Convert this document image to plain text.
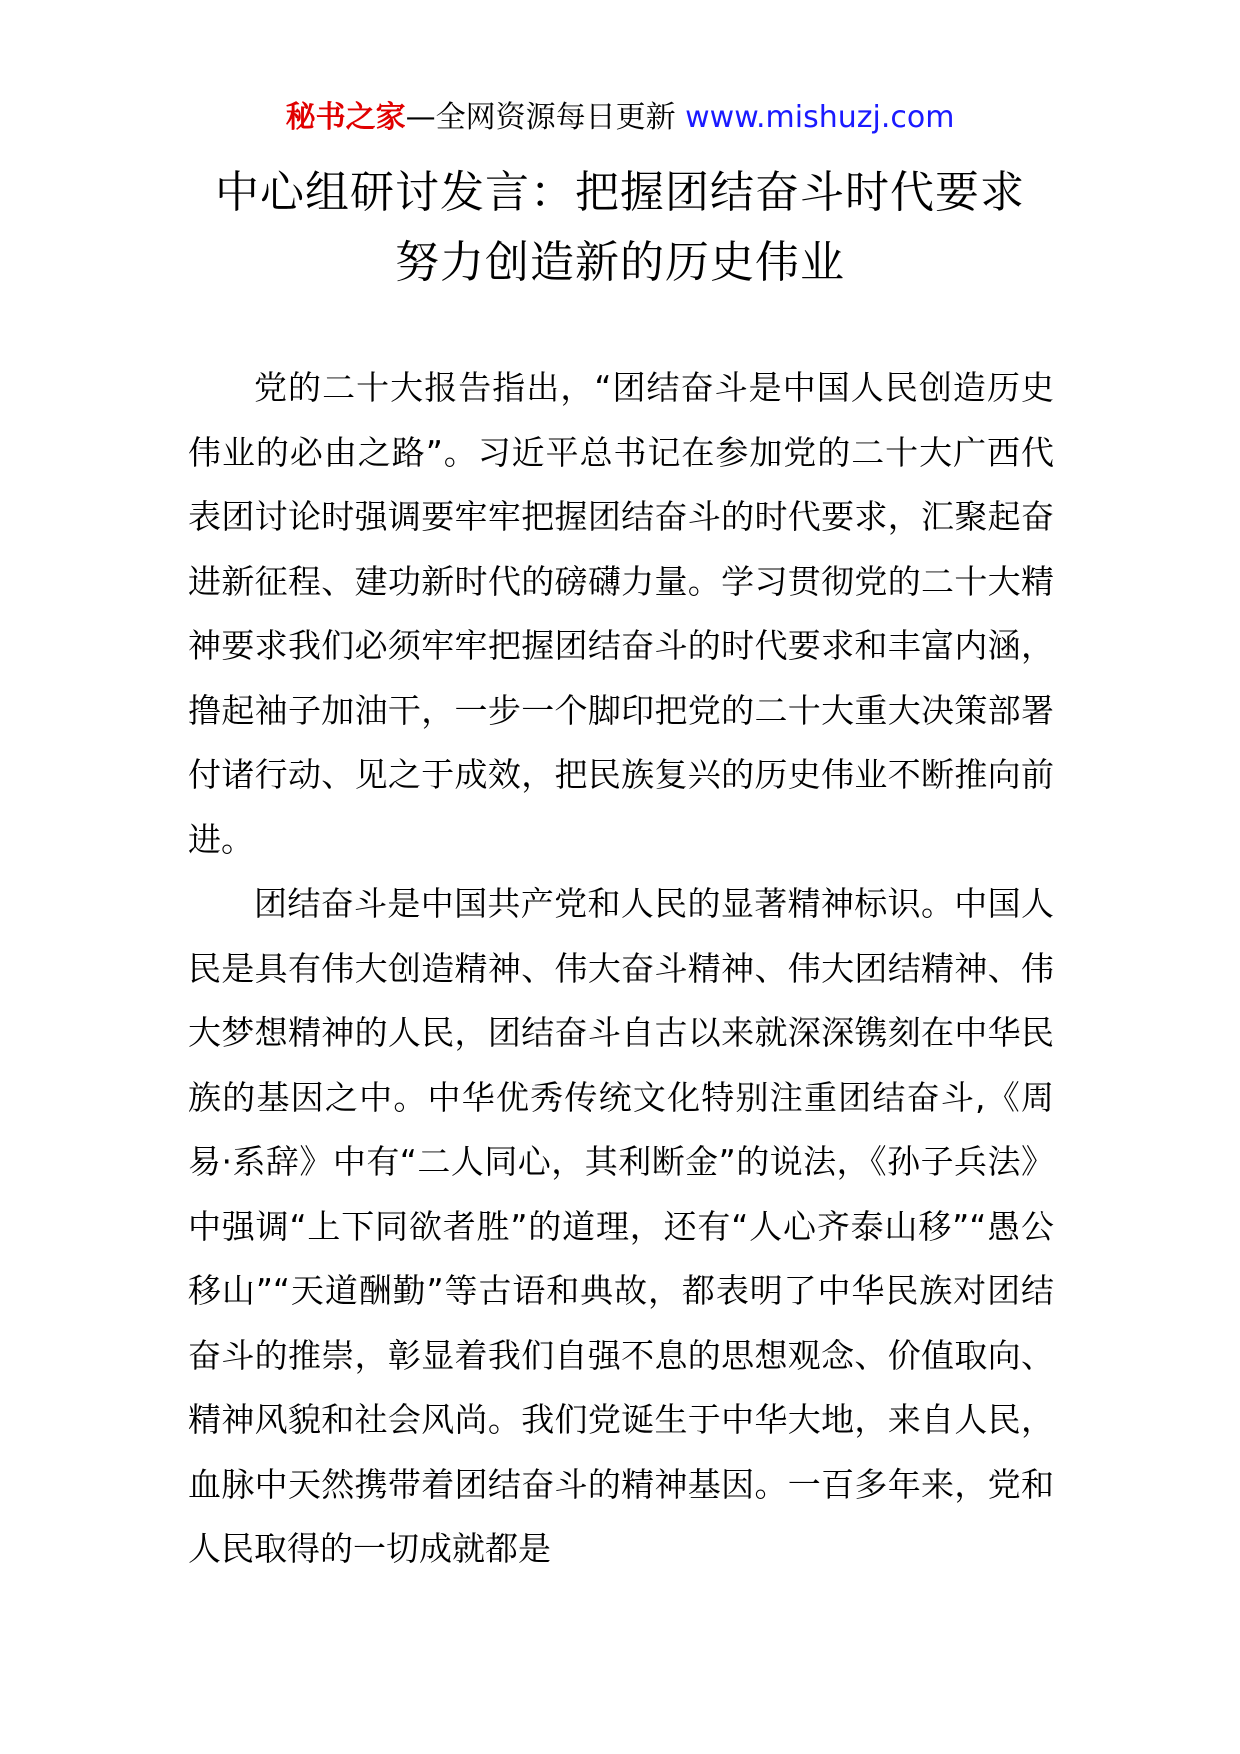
秘书之家—全网资源每日更新 www.mishuzj.com
中心组研讨发言：把握团结奋斗时代要求
努力创造新的历史伟业

党的二十大报告指出，“团结奋斗是中国人民创造历史伟业的必由之路”。习近平总书记在参加党的二十大广西代表团讨论时强调要牢牢把握团结奋斗的时代要求，汇聚起奋进新征程、建功新时代的磅礴力量。学习贯彻党的二十大精神要求我们必须牢牢把握团结奋斗的时代要求和丰富内涵，撸起袖子加油干，一步一个脚印把党的二十大重大决策部署付诸行动、见之于成效，把民族复兴的历史伟业不断推向前进。

团结奋斗是中国共产党和人民的显著精神标识。中国人民是具有伟大创造精神、伟大奋斗精神、伟大团结精神、伟大梦想精神的人民，团结奋斗自古以来就深深镌刻在中华民族的基因之中。中华优秀传统文化特别注重团结奋斗,《周易·系辞》中有“二人同心，其利断金”的说法，《孙子兵法》中强调“上下同欲者胜”的道理，还有“人心齐泰山移”“愚公移山”“天道酬勤”等古语和典故，都表明了中华民族对团结奋斗的推崇，彰显着我们自强不息的思想观念、价值取向、精神风貌和社会风尚。我们党诞生于中华大地，来自人民，血脉中天然携带着团结奋斗的精神基因。一百多年来，党和人民取得的一切成就都是
